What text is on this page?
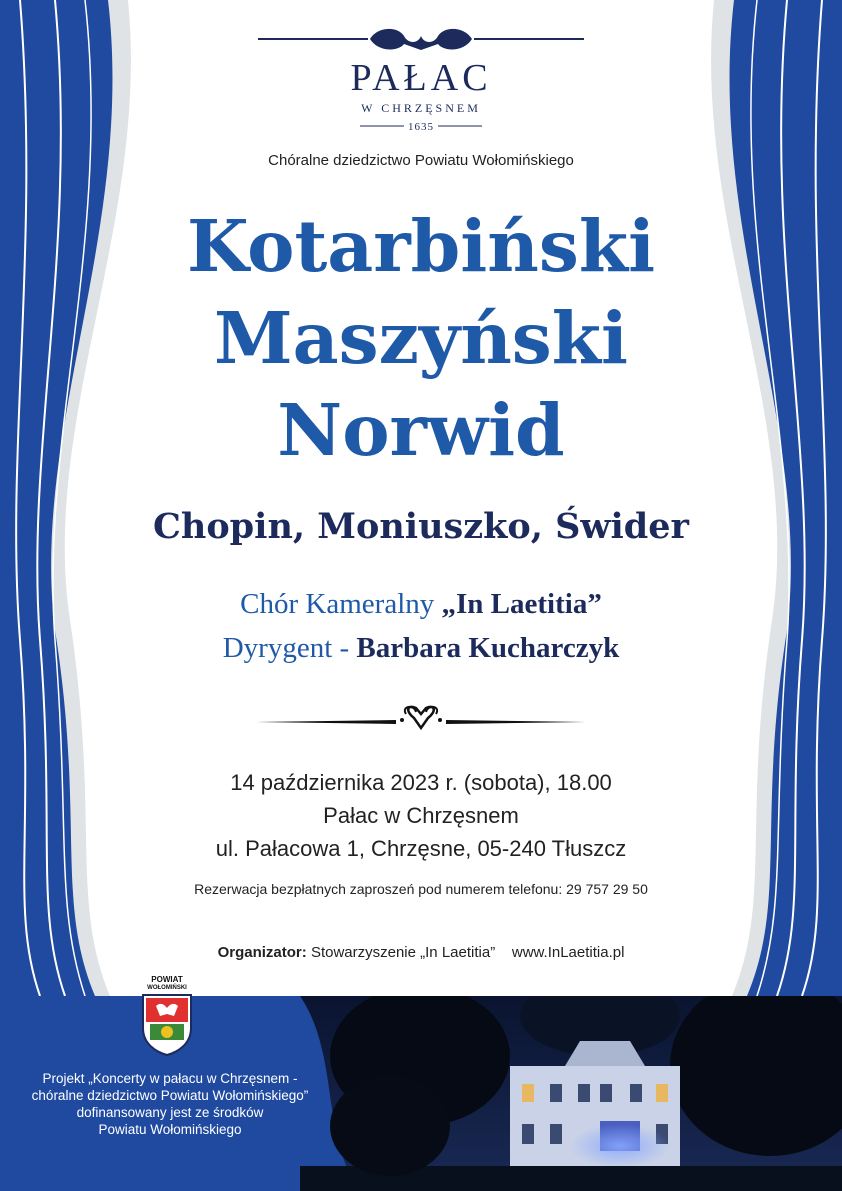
PAŁAC
W CHRZĘSNEM
1635
Chóralne dziedzictwo Powiatu Wołomińskiego
Kotarbiński
Maszyński
Norwid
Chopin, Moniuszko, Świder
Chór Kameralny „In Laetitia”
Dyrygent - Barbara Kucharczyk
14 października 2023 r. (sobota), 18.00
Pałac w Chrzęsnem
ul. Pałacowa 1, Chrzęsne, 05-240 Tłuszcz
Rezerwacja bezpłatnych zaproszeń pod numerem telefonu: 29 757 29 50
Organizator: Stowarzyszenie „In Laetitia” www.InLaetitia.pl
POWIAT
WOŁOMIŃSKI
Projekt „Koncerty w pałacu w Chrzęsnem -
chóralne dziedzictwo Powiatu Wołomińskiego”
dofinansowany jest ze środków
Powiatu Wołomińskiego
